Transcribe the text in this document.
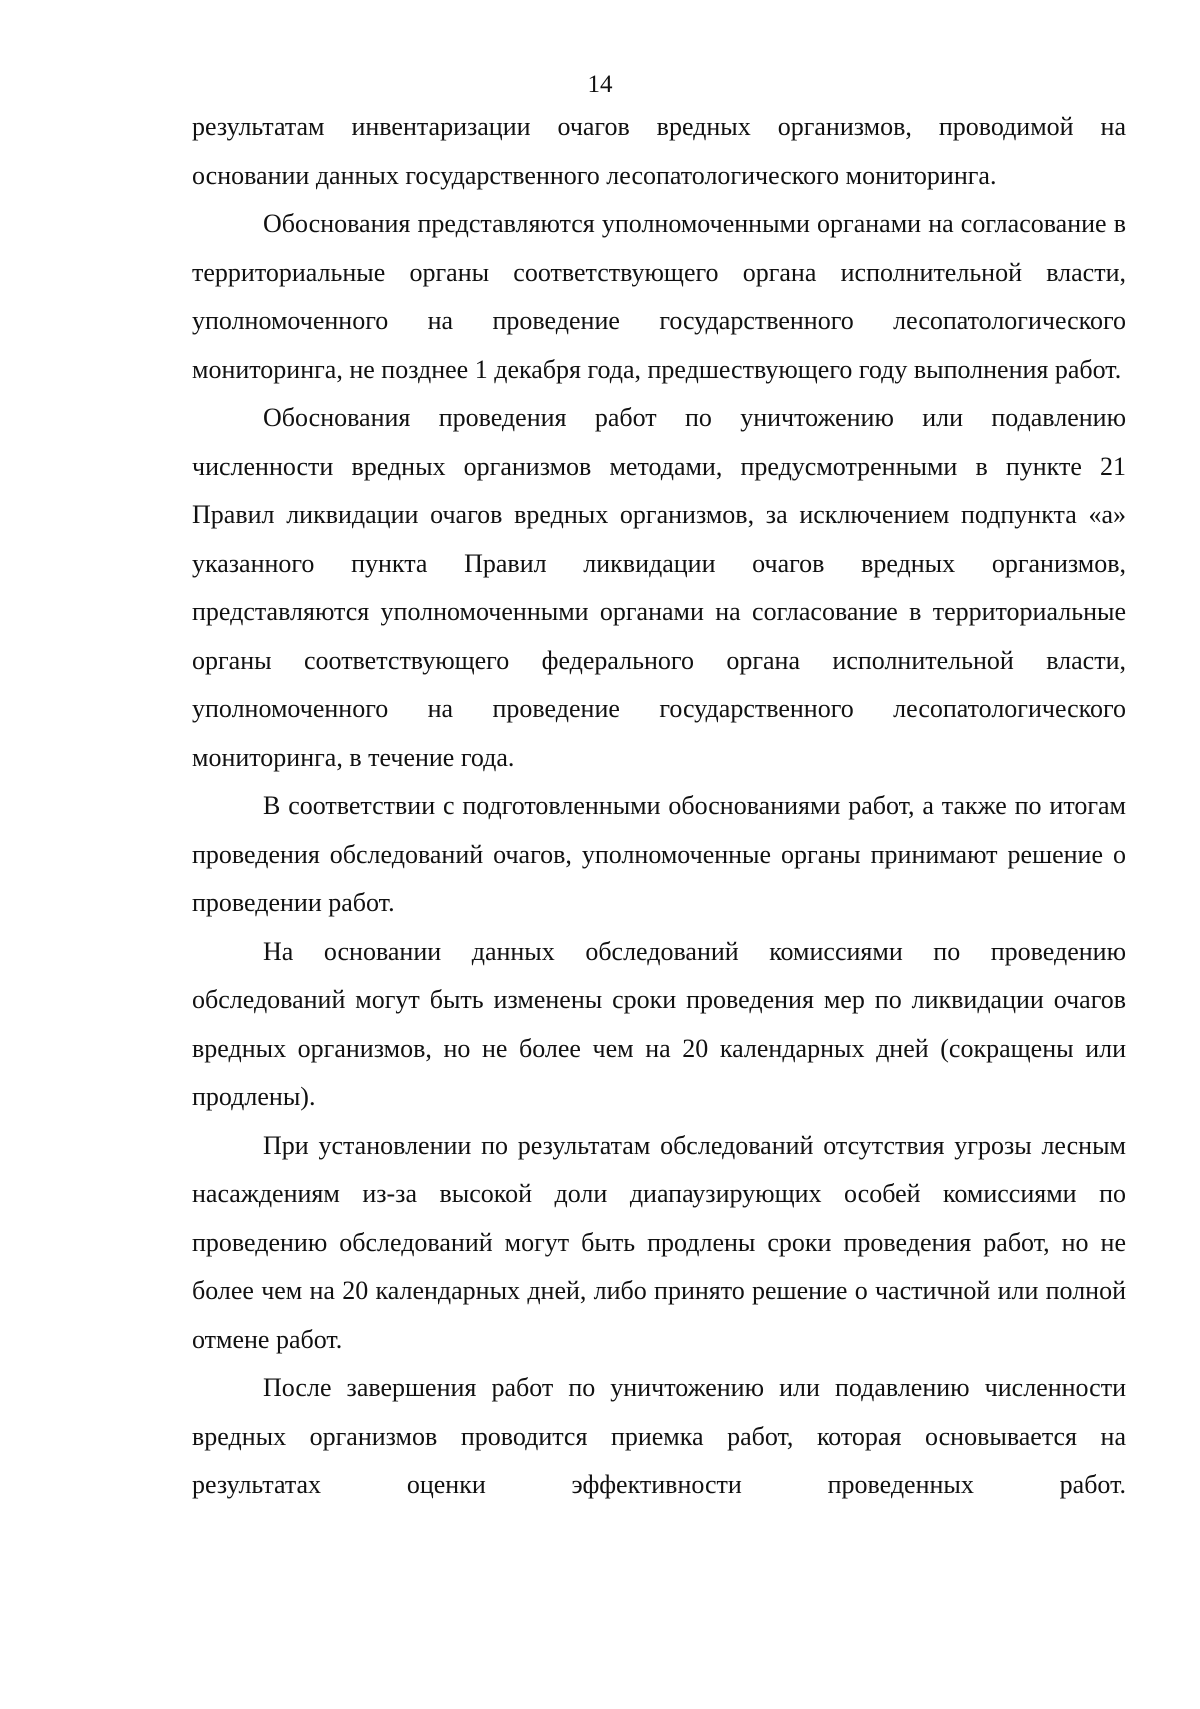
14

результатам инвентаризации очагов вредных организмов, проводимой на основании данных государственного лесопатологического мониторинга.

Обоснования представляются уполномоченными органами на согласование в территориальные органы соответствующего органа исполнительной власти, уполномоченного на проведение государственного лесопатологического мониторинга, не позднее 1 декабря года, предшествующего году выполнения работ.

Обоснования проведения работ по уничтожению или подавлению численности вредных организмов методами, предусмотренными в пункте 21 Правил ликвидации очагов вредных организмов, за исключением подпункта «а» указанного пункта Правил ликвидации очагов вредных организмов, представляются уполномоченными органами на согласование в территориальные органы соответствующего федерального органа исполнительной власти, уполномоченного на проведение государственного лесопатологического мониторинга, в течение года.

В соответствии с подготовленными обоснованиями работ, а также по итогам проведения обследований очагов, уполномоченные органы принимают решение о проведении работ.

На основании данных обследований комиссиями по проведению обследований могут быть изменены сроки проведения мер по ликвидации очагов вредных организмов, но не более чем на 20 календарных дней (сокращены или продлены).

При установлении по результатам обследований отсутствия угрозы лесным насаждениям из-за высокой доли диапаузирующих особей комиссиями по проведению обследований могут быть продлены сроки проведения работ, но не более чем на 20 календарных дней, либо принято решение о частичной или полной отмене работ.

После завершения работ по уничтожению или подавлению численности вредных организмов проводится приемка работ, которая основывается на результатах оценки эффективности проведенных работ.
